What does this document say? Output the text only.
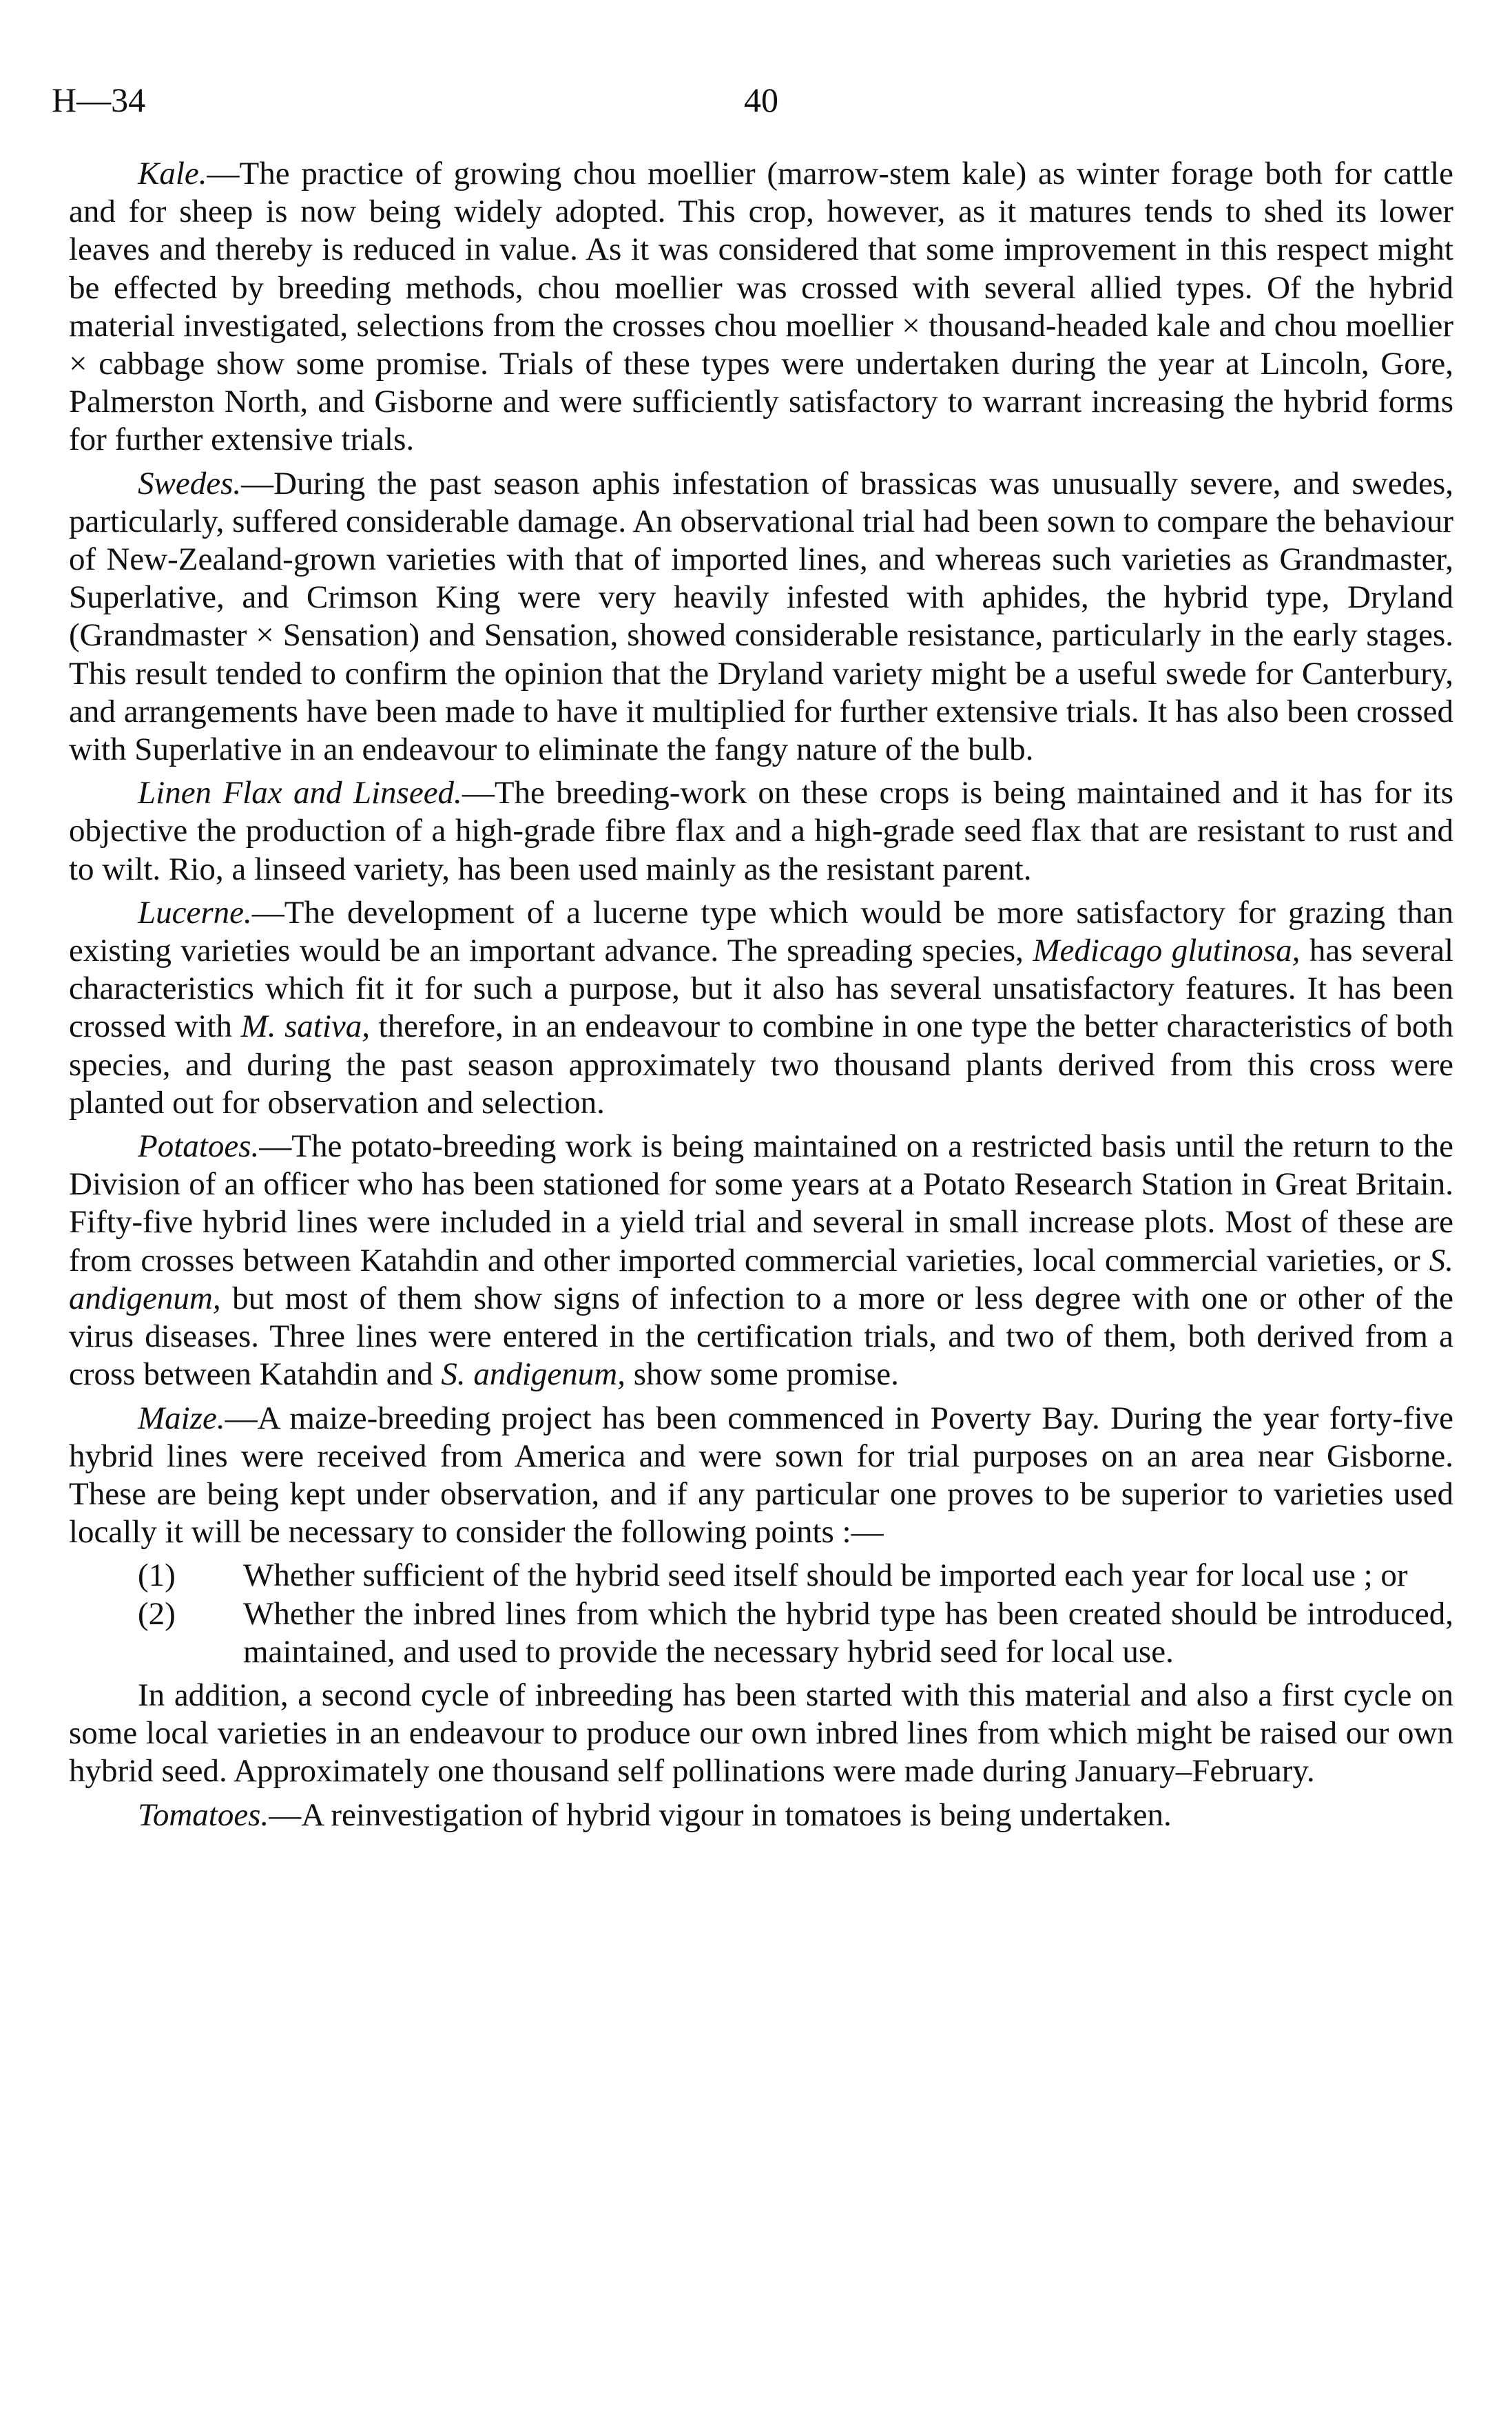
H—34	40

Kale.—The practice of growing chou moellier (marrow-stem kale) as winter forage both for cattle and for sheep is now being widely adopted. This crop, however, as it matures tends to shed its lower leaves and thereby is reduced in value. As it was considered that some improvement in this respect might be effected by breeding methods, chou moellier was crossed with several allied types. Of the hybrid material investigated, selections from the crosses chou moellier × thousand-headed kale and chou moellier × cabbage show some promise. Trials of these types were undertaken during the year at Lincoln, Gore, Palmerston North, and Gisborne and were sufficiently satisfactory to warrant increasing the hybrid forms for further extensive trials.

Swedes.—During the past season aphis infestation of brassicas was unusually severe, and swedes, particularly, suffered considerable damage. An observational trial had been sown to compare the behaviour of New-Zealand-grown varieties with that of imported lines, and whereas such varieties as Grandmaster, Superlative, and Crimson King were very heavily infested with aphides, the hybrid type, Dryland (Grandmaster × Sensation) and Sensation, showed considerable resistance, particularly in the early stages. This result tended to confirm the opinion that the Dryland variety might be a useful swede for Canterbury, and arrangements have been made to have it multiplied for further extensive trials. It has also been crossed with Superlative in an endeavour to eliminate the fangy nature of the bulb.

Linen Flax and Linseed.—The breeding-work on these crops is being maintained and it has for its objective the production of a high-grade fibre flax and a high-grade seed flax that are resistant to rust and to wilt. Rio, a linseed variety, has been used mainly as the resistant parent.

Lucerne.—The development of a lucerne type which would be more satisfactory for grazing than existing varieties would be an important advance. The spreading species, Medicago glutinosa, has several characteristics which fit it for such a purpose, but it also has several unsatisfactory features. It has been crossed with M. sativa, therefore, in an endeavour to combine in one type the better characteristics of both species, and during the past season approximately two thousand plants derived from this cross were planted out for observation and selection.

Potatoes.—The potato-breeding work is being maintained on a restricted basis until the return to the Division of an officer who has been stationed for some years at a Potato Research Station in Great Britain. Fifty-five hybrid lines were included in a yield trial and several in small increase plots. Most of these are from crosses between Katahdin and other imported commercial varieties, local commercial varieties, or S. andigenum, but most of them show signs of infection to a more or less degree with one or other of the virus diseases. Three lines were entered in the certification trials, and two of them, both derived from a cross between Katahdin and S. andigenum, show some promise.

Maize.—A maize-breeding project has been commenced in Poverty Bay. During the year forty-five hybrid lines were received from America and were sown for trial purposes on an area near Gisborne. These are being kept under observation, and if any particular one proves to be superior to varieties used locally it will be necessary to consider the following points :—

(1) Whether sufficient of the hybrid seed itself should be imported each year for local use ; or
(2) Whether the inbred lines from which the hybrid type has been created should be introduced, maintained, and used to provide the necessary hybrid seed for local use.

In addition, a second cycle of inbreeding has been started with this material and also a first cycle on some local varieties in an endeavour to produce our own inbred lines from which might be raised our own hybrid seed. Approximately one thousand self pollinations were made during January–February.

Tomatoes.—A reinvestigation of hybrid vigour in tomatoes is being undertaken.
